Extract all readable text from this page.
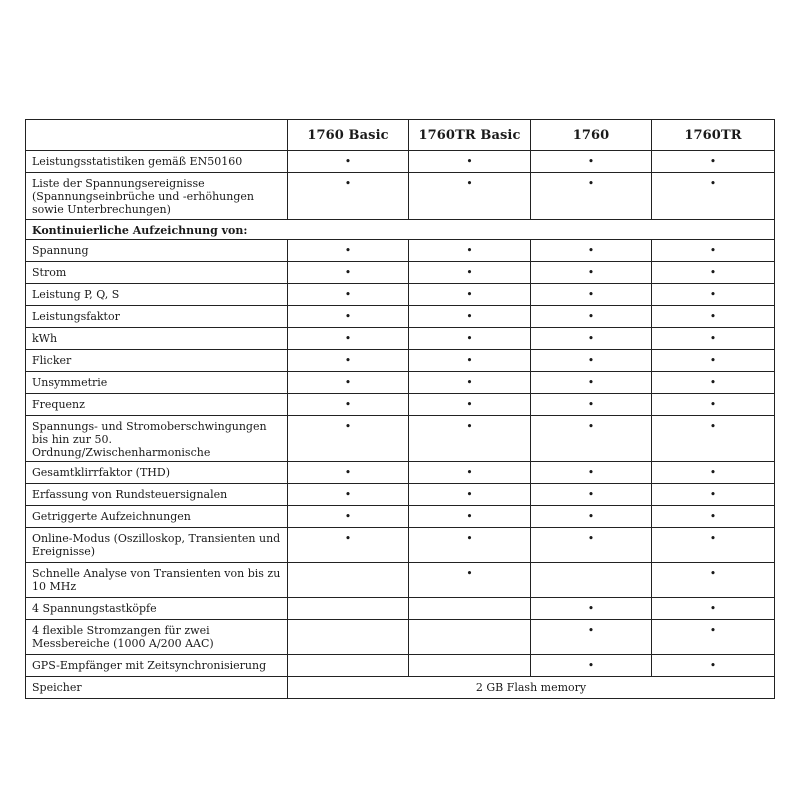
	1760 Basic	1760TR Basic	1760	1760TR
Leistungsstatistiken gemäß EN50160	•	•	•	•
Liste der Spannungsereignisse (Spannungseinbrüche und -erhöhungen sowie Unterbrechungen)	•	•	•	•
Kontinuierliche Aufzeichnung von:				
Spannung	•	•	•	•
Strom	•	•	•	•
Leistung P, Q, S	•	•	•	•
Leistungsfaktor	•	•	•	•
kWh	•	•	•	•
Flicker	•	•	•	•
Unsymmetrie	•	•	•	•
Frequenz	•	•	•	•
Spannungs- und Stromoberschwingungen bis hin zur 50. Ordnung/Zwischenharmonische	•	•	•	•
Gesamtklirrfaktor (THD)	•	•	•	•
Erfassung von Rundsteuersignalen	•	•	•	•
Getriggerte Aufzeichnungen	•	•	•	•
Online-Modus (Oszilloskop, Transienten und Ereignisse)	•	•	•	•
Schnelle Analyse von Transienten von bis zu 10 MHz		•		•
4 Spannungstastköpfe			•	•
4 flexible Stromzangen für zwei Messbereiche (1000 A/200 AAC)			•	•
GPS-Empfänger mit Zeitsynchronisierung			•	•
Speicher	2 GB Flash memory			
